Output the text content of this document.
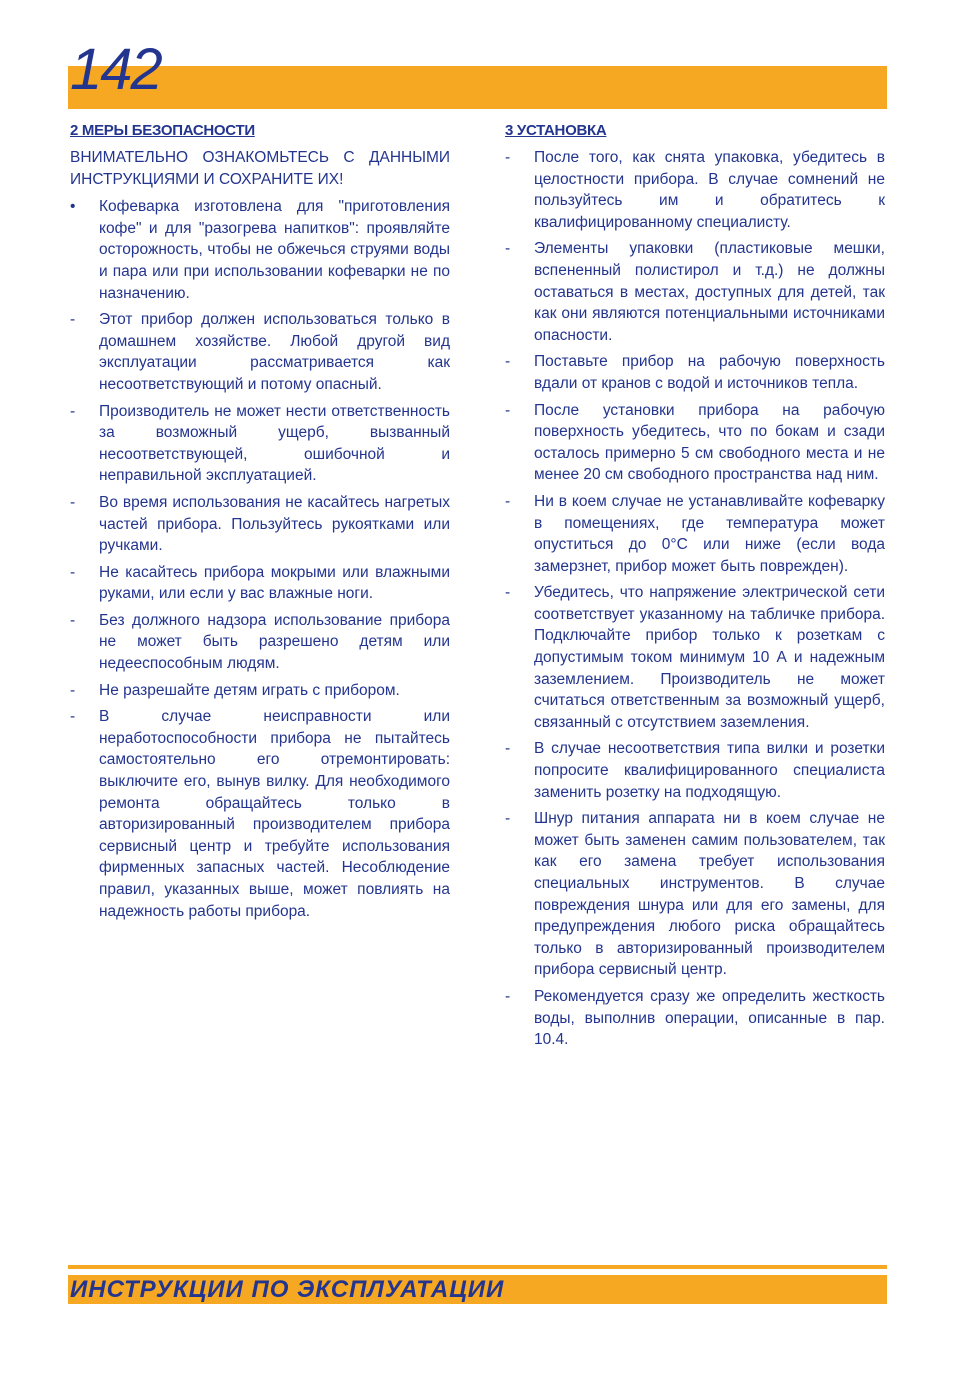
142
2 МЕРЫ БЕЗОПАСНОСТИ
ВНИМАТЕЛЬНО ОЗНАКОМЬТЕСЬ С ДАННЫМИ ИНСТРУКЦИЯМИ И СОХРАНИТЕ ИХ!
•	Кофеварка изготовлена для "приготовления кофе" и для "разогрева напитков": проявляйте осторожность, чтобы не обжечься струями воды и пара или при использовании кофеварки не по назначению.
-	Этот прибор должен использоваться только в домашнем хозяйстве. Любой другой вид эксплуатации рассматривается как несоответствующий и потому опасный.
-	Производитель не может нести ответственность за возможный ущерб, вызванный несоответствующей, ошибочной и неправильной эксплуатацией.
-	Во время использования не касайтесь нагретых частей прибора. Пользуйтесь рукоятками или ручками.
-	Не касайтесь прибора мокрыми или влажными руками, или если у вас влажные ноги.
-	Без должного надзора использование прибора не может быть разрешено детям или недееспособным людям.
-	Не разрешайте детям играть с прибором.
-	В случае неисправности или неработоспособности прибора не пытайтесь самостоятельно его отремонтировать: выключите его, вынув вилку. Для необходимого ремонта обращайтесь только в авторизированный производителем прибора сервисный центр и требуйте использования фирменных запасных частей. Несоблюдение правил, указанных выше, может повлиять на надежность работы прибора.
3 УСТАНОВКА
-	После того, как снята упаковка, убедитесь в целостности прибора. В случае сомнений не пользуйтесь им и обратитесь к квалифицированному специалисту.
-	Элементы упаковки (пластиковые мешки, вспененный полистирол и т.д.) не должны оставаться в местах, доступных для детей, так как они являются потенциальными источниками опасности.
-	Поставьте прибор на рабочую поверхность вдали от кранов с водой и источников тепла.
-	После установки прибора на рабочую поверхность убедитесь, что по бокам и сзади осталось примерно 5 см свободного места и не менее 20 см свободного пространства над ним.
-	Ни в коем случае не устанавливайте кофеварку в помещениях, где температура может опуститься до 0°C или ниже (если вода замерзнет, прибор может быть поврежден).
-	Убедитесь, что напряжение электрической сети соответствует указанному на табличке прибора. Подключайте прибор только к розеткам с допустимым током минимум 10 А и надежным заземлением. Производитель не может считаться ответственным за возможный ущерб, связанный с отсутствием заземления.
-	В случае несоответствия типа вилки и розетки попросите квалифицированного специалиста заменить розетку на подходящую.
-	Шнур питания аппарата ни в коем случае не может быть заменен самим пользователем, так как его замена требует использования специальных инструментов. В случае повреждения шнура или для его замены, для предупреждения любого риска обращайтесь только в авторизированный производителем прибора сервисный центр.
-	Рекомендуется сразу же определить жесткость воды, выполнив операции, описанные в пар. 10.4.
ИНСТРУКЦИИ ПО ЭКСПЛУАТАЦИИ
